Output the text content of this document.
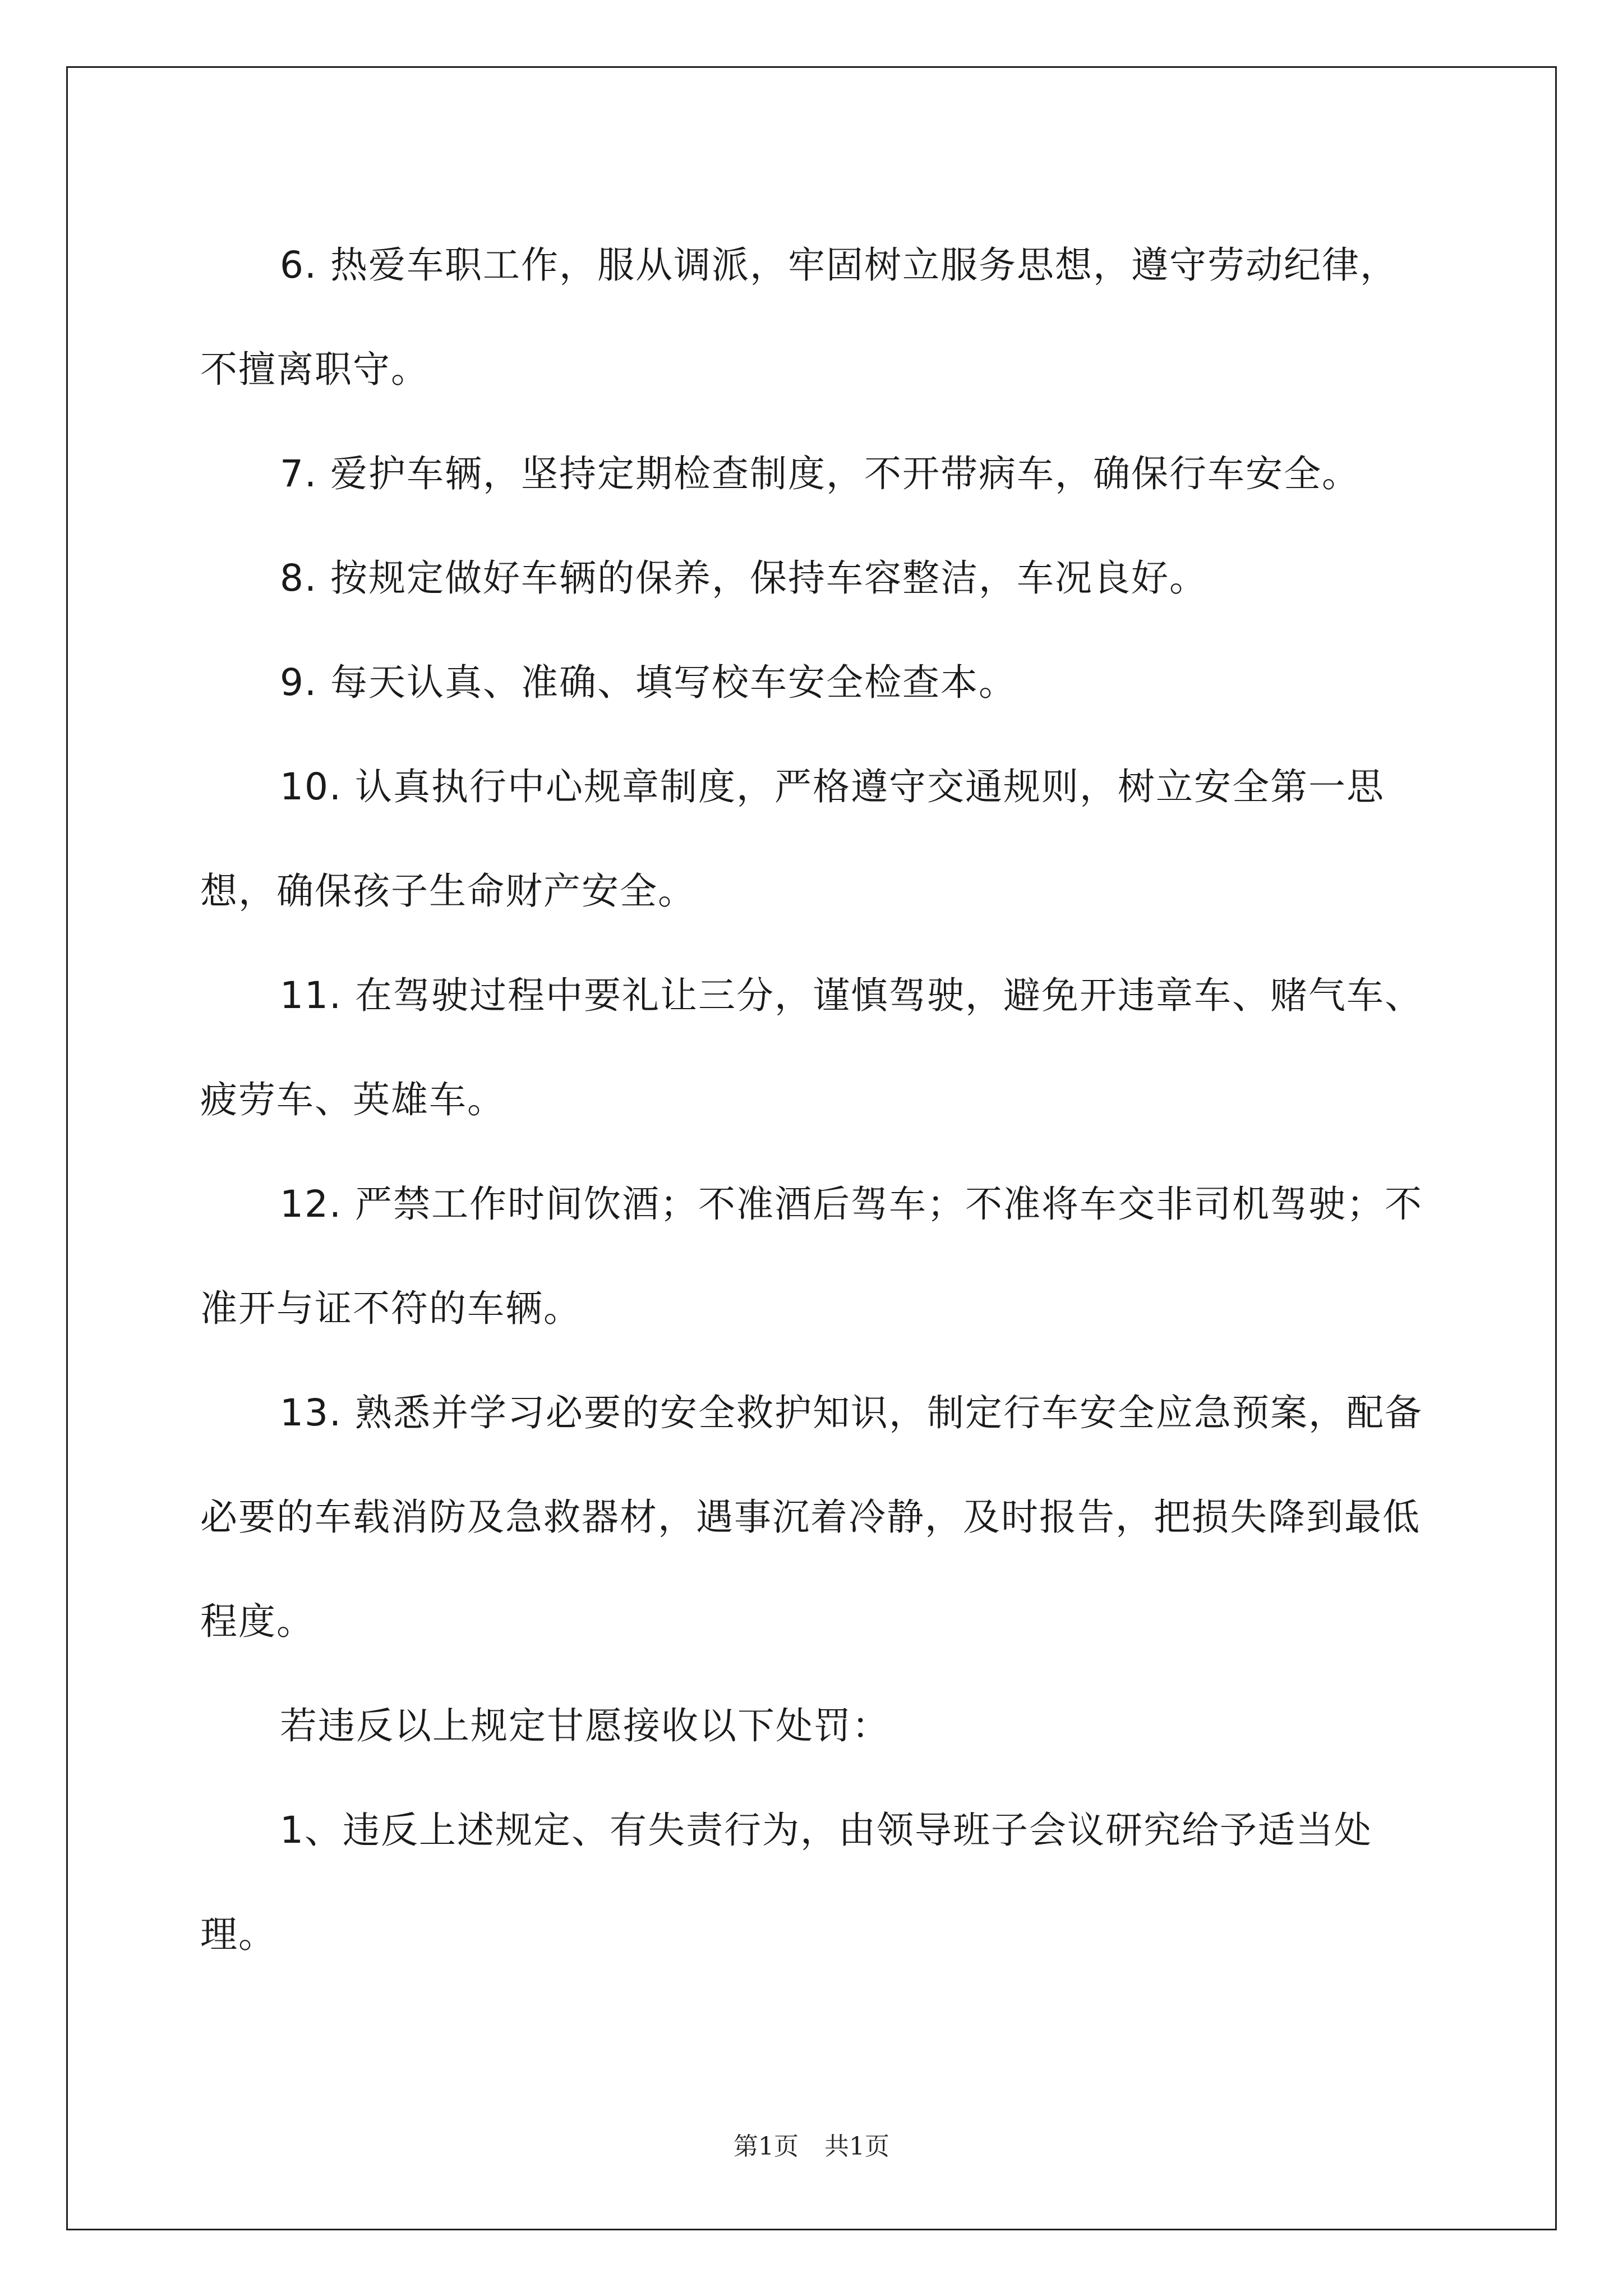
6. 热爱车职工作，服从调派，牢固树立服务思想，遵守劳动纪律，不擅离职守。

7. 爱护车辆，坚持定期检查制度，不开带病车，确保行车安全。

8. 按规定做好车辆的保养，保持车容整洁，车况良好。

9. 每天认真、准确、填写校车安全检查本。

10. 认真执行中心规章制度，严格遵守交通规则，树立安全第一思想，确保孩子生命财产安全。

11. 在驾驶过程中要礼让三分，谨慎驾驶，避免开违章车、赌气车、疲劳车、英雄车。

12. 严禁工作时间饮酒；不准酒后驾车；不准将车交非司机驾驶；不准开与证不符的车辆。

13. 熟悉并学习必要的安全救护知识，制定行车安全应急预案，配备必要的车载消防及急救器材，遇事沉着冷静，及时报告，把损失降到最低程度。

若违反以上规定甘愿接收以下处罚：

1、违反上述规定、有失责行为，由领导班子会议研究给予适当处理。

第1页 共1页
